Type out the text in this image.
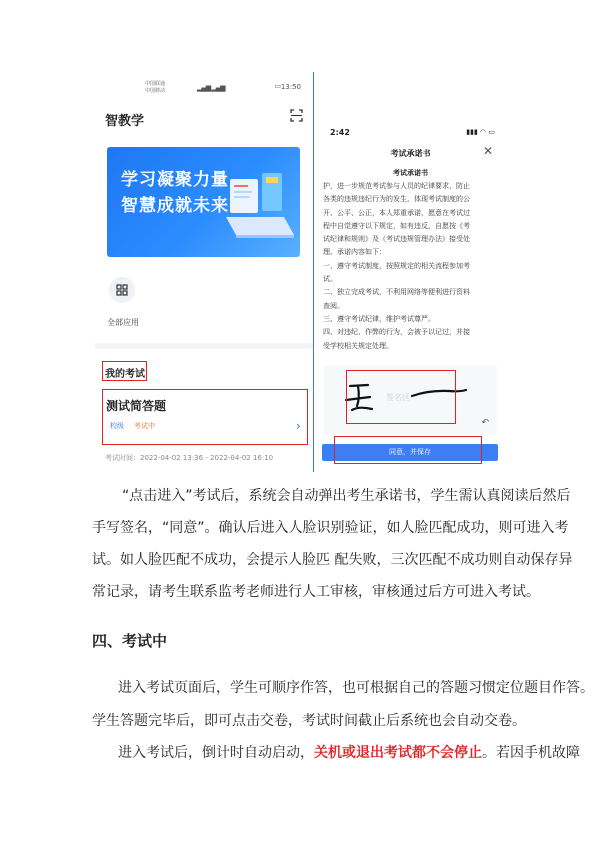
中国联通
中国移动	▂▄▆ ▂▄▆	▭ 13:50
智教学
学习凝聚力量
智慧成就未来
全部应用
我的考试
测试简答题
校级 考试中	›
考试时间：2022-04-02 13:36 - 2022-04-02 16:10
2:42	▮▮▮ ◠ ▭
考试承诺书	✕
考试承诺书
护，进一步规范考试参与人员的纪律要求，防止
各类的违规违纪行为的发生，体现考试制度的公
开、公平、公正，本人郑重承诺，愿意在考试过
程中自觉遵守以下规定，如有违反，自愿按《考
试纪律和规则》及《考试违规管理办法》接受处
理。承诺内容如下：
一、遵守考试制度，按照规定的相关流程参加考
试。
二、独立完成考试，不利用网络等便利进行资料
查阅。
三、遵守考试纪律，维护考试尊严。
四、对违纪、作弊的行为，会被予以记过，并接
受学校相关规定处理。
签名区
↶
同意，并保存
“点击进入”考试后，系统会自动弹出考生承诺书，学生需认真阅读后然后
手写签名，“同意”。确认后进入人脸识别验证，如人脸匹配成功，则可进入考
试。如人脸匹配不成功，会提示人脸匹 配失败，三次匹配不成功则自动保存异
常记录，请考生联系监考老师进行人工审核，审核通过后方可进入考试。
四、考试中
进入考试页面后，学生可顺序作答，也可根据自己的答题习惯定位题目作答。
学生答题完毕后，即可点击交卷，考试时间截止后系统也会自动交卷。
进入考试后，倒计时自动启动，关机或退出考试都不会停止。若因手机故障
